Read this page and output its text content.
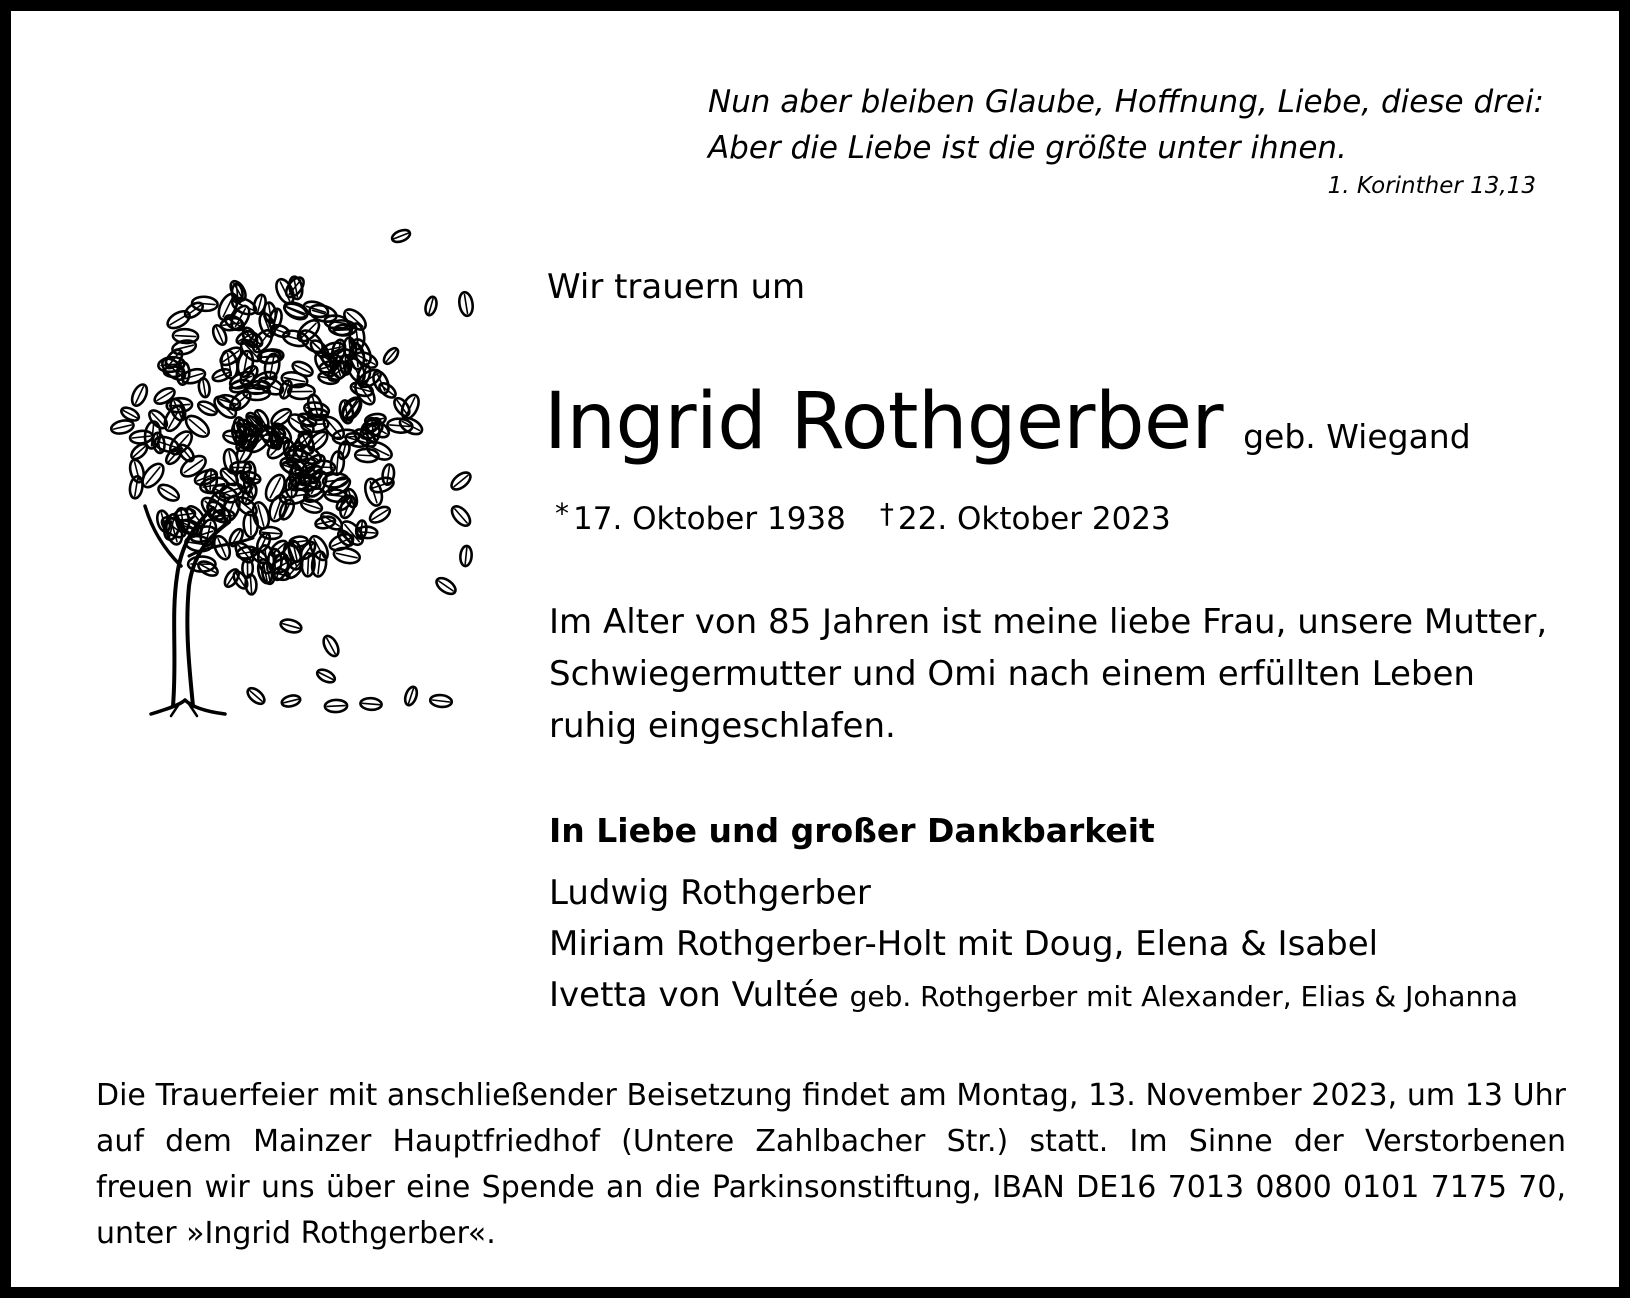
Nun aber bleiben Glaube, Hoffnung, Liebe, diese drei:
Aber die Liebe ist die größte unter ihnen.
1. Korinther 13,13
Wir trauern um
Ingrid Rothgerber geb. Wiegand
* 17. Oktober 1938 † 22. Oktober 2023
Im Alter von 85 Jahren ist meine liebe Frau, unsere Mutter,
Schwiegermutter und Omi nach einem erfüllten Leben
ruhig eingeschlafen.
In Liebe und großer Dankbarkeit
Ludwig Rothgerber
Miriam Rothgerber-Holt mit Doug, Elena & Isabel
Ivetta von Vultée geb. Rothgerber mit Alexander, Elias & Johanna
Die Trauerfeier mit anschließender Beisetzung findet am Montag, 13. November 2023, um 13 Uhr
auf dem Mainzer Hauptfriedhof (Untere Zahlbacher Str.) statt. Im Sinne der Verstorbenen
freuen wir uns über eine Spende an die Parkinsonstiftung, IBAN DE16 7013 0800 0101 7175 70,
unter »Ingrid Rothgerber«.
